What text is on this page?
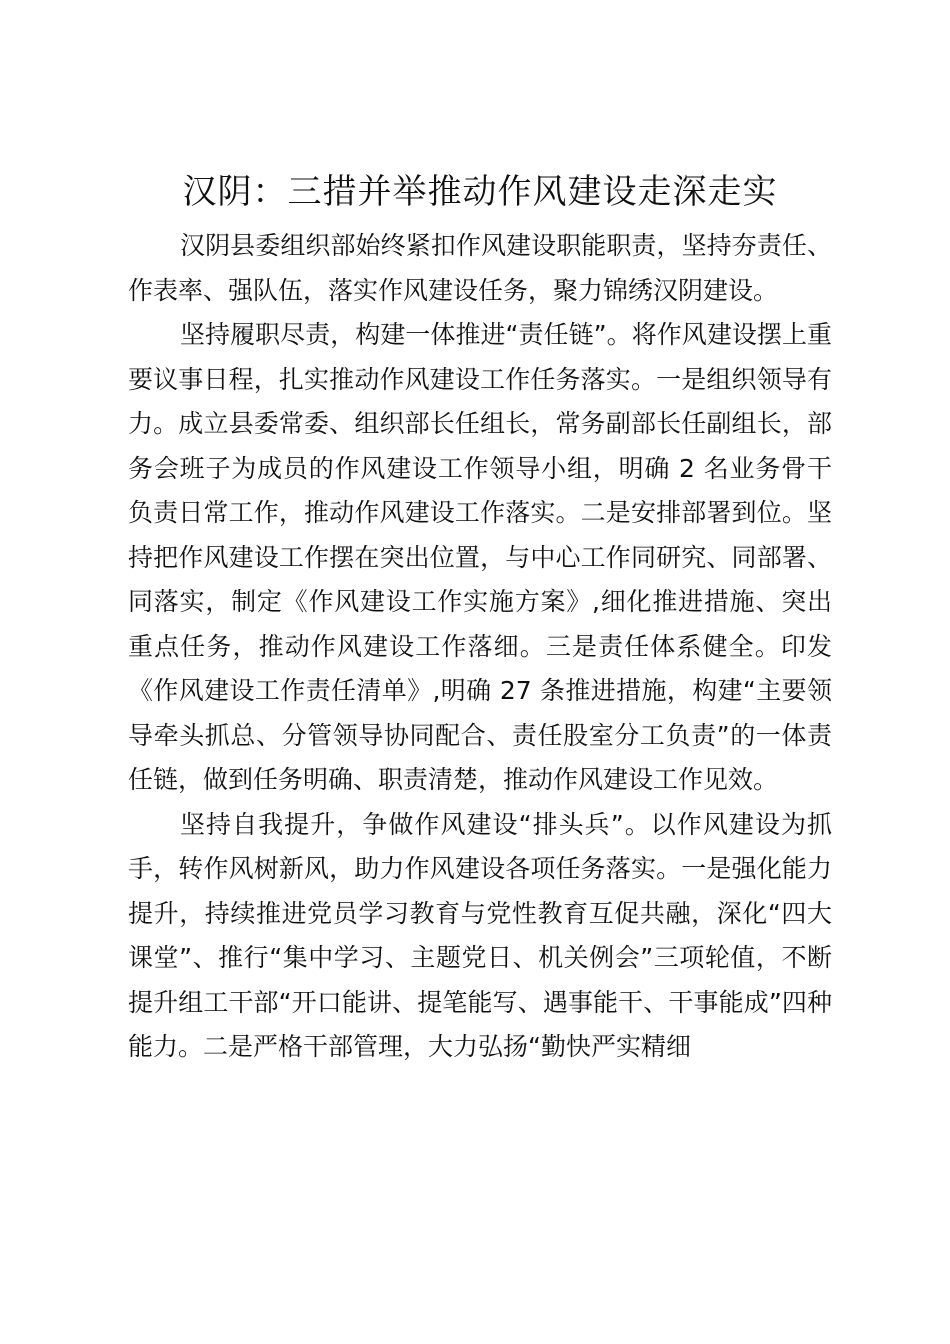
汉阴：三措并举推动作风建设走深走实

汉阴县委组织部始终紧扣作风建设职能职责，坚持夯责任、作表率、强队伍，落实作风建设任务，聚力锦绣汉阴建设。

坚持履职尽责，构建一体推进“责任链”。将作风建设摆上重要议事日程，扎实推动作风建设工作任务落实。一是组织领导有力。成立县委常委、组织部长任组长，常务副部长任副组长，部务会班子为成员的作风建设工作领导小组，明确 2 名业务骨干负责日常工作，推动作风建设工作落实。二是安排部署到位。坚持把作风建设工作摆在突出位置，与中心工作同研究、同部署、同落实，制定《作风建设工作实施方案》,细化推进措施、突出重点任务，推动作风建设工作落细。三是责任体系健全。印发《作风建设工作责任清单》,明确 27 条推进措施，构建“主要领导牵头抓总、分管领导协同配合、责任股室分工负责”的一体责任链，做到任务明确、职责清楚，推动作风建设工作见效。

坚持自我提升，争做作风建设“排头兵”。以作风建设为抓手，转作风树新风，助力作风建设各项任务落实。一是强化能力提升，持续推进党员学习教育与党性教育互促共融，深化“四大课堂”、推行“集中学习、主题党日、机关例会”三项轮值，不断提升组工干部“开口能讲、提笔能写、遇事能干、干事能成”四种能力。二是严格干部管理，大力弘扬“勤快严实精细
